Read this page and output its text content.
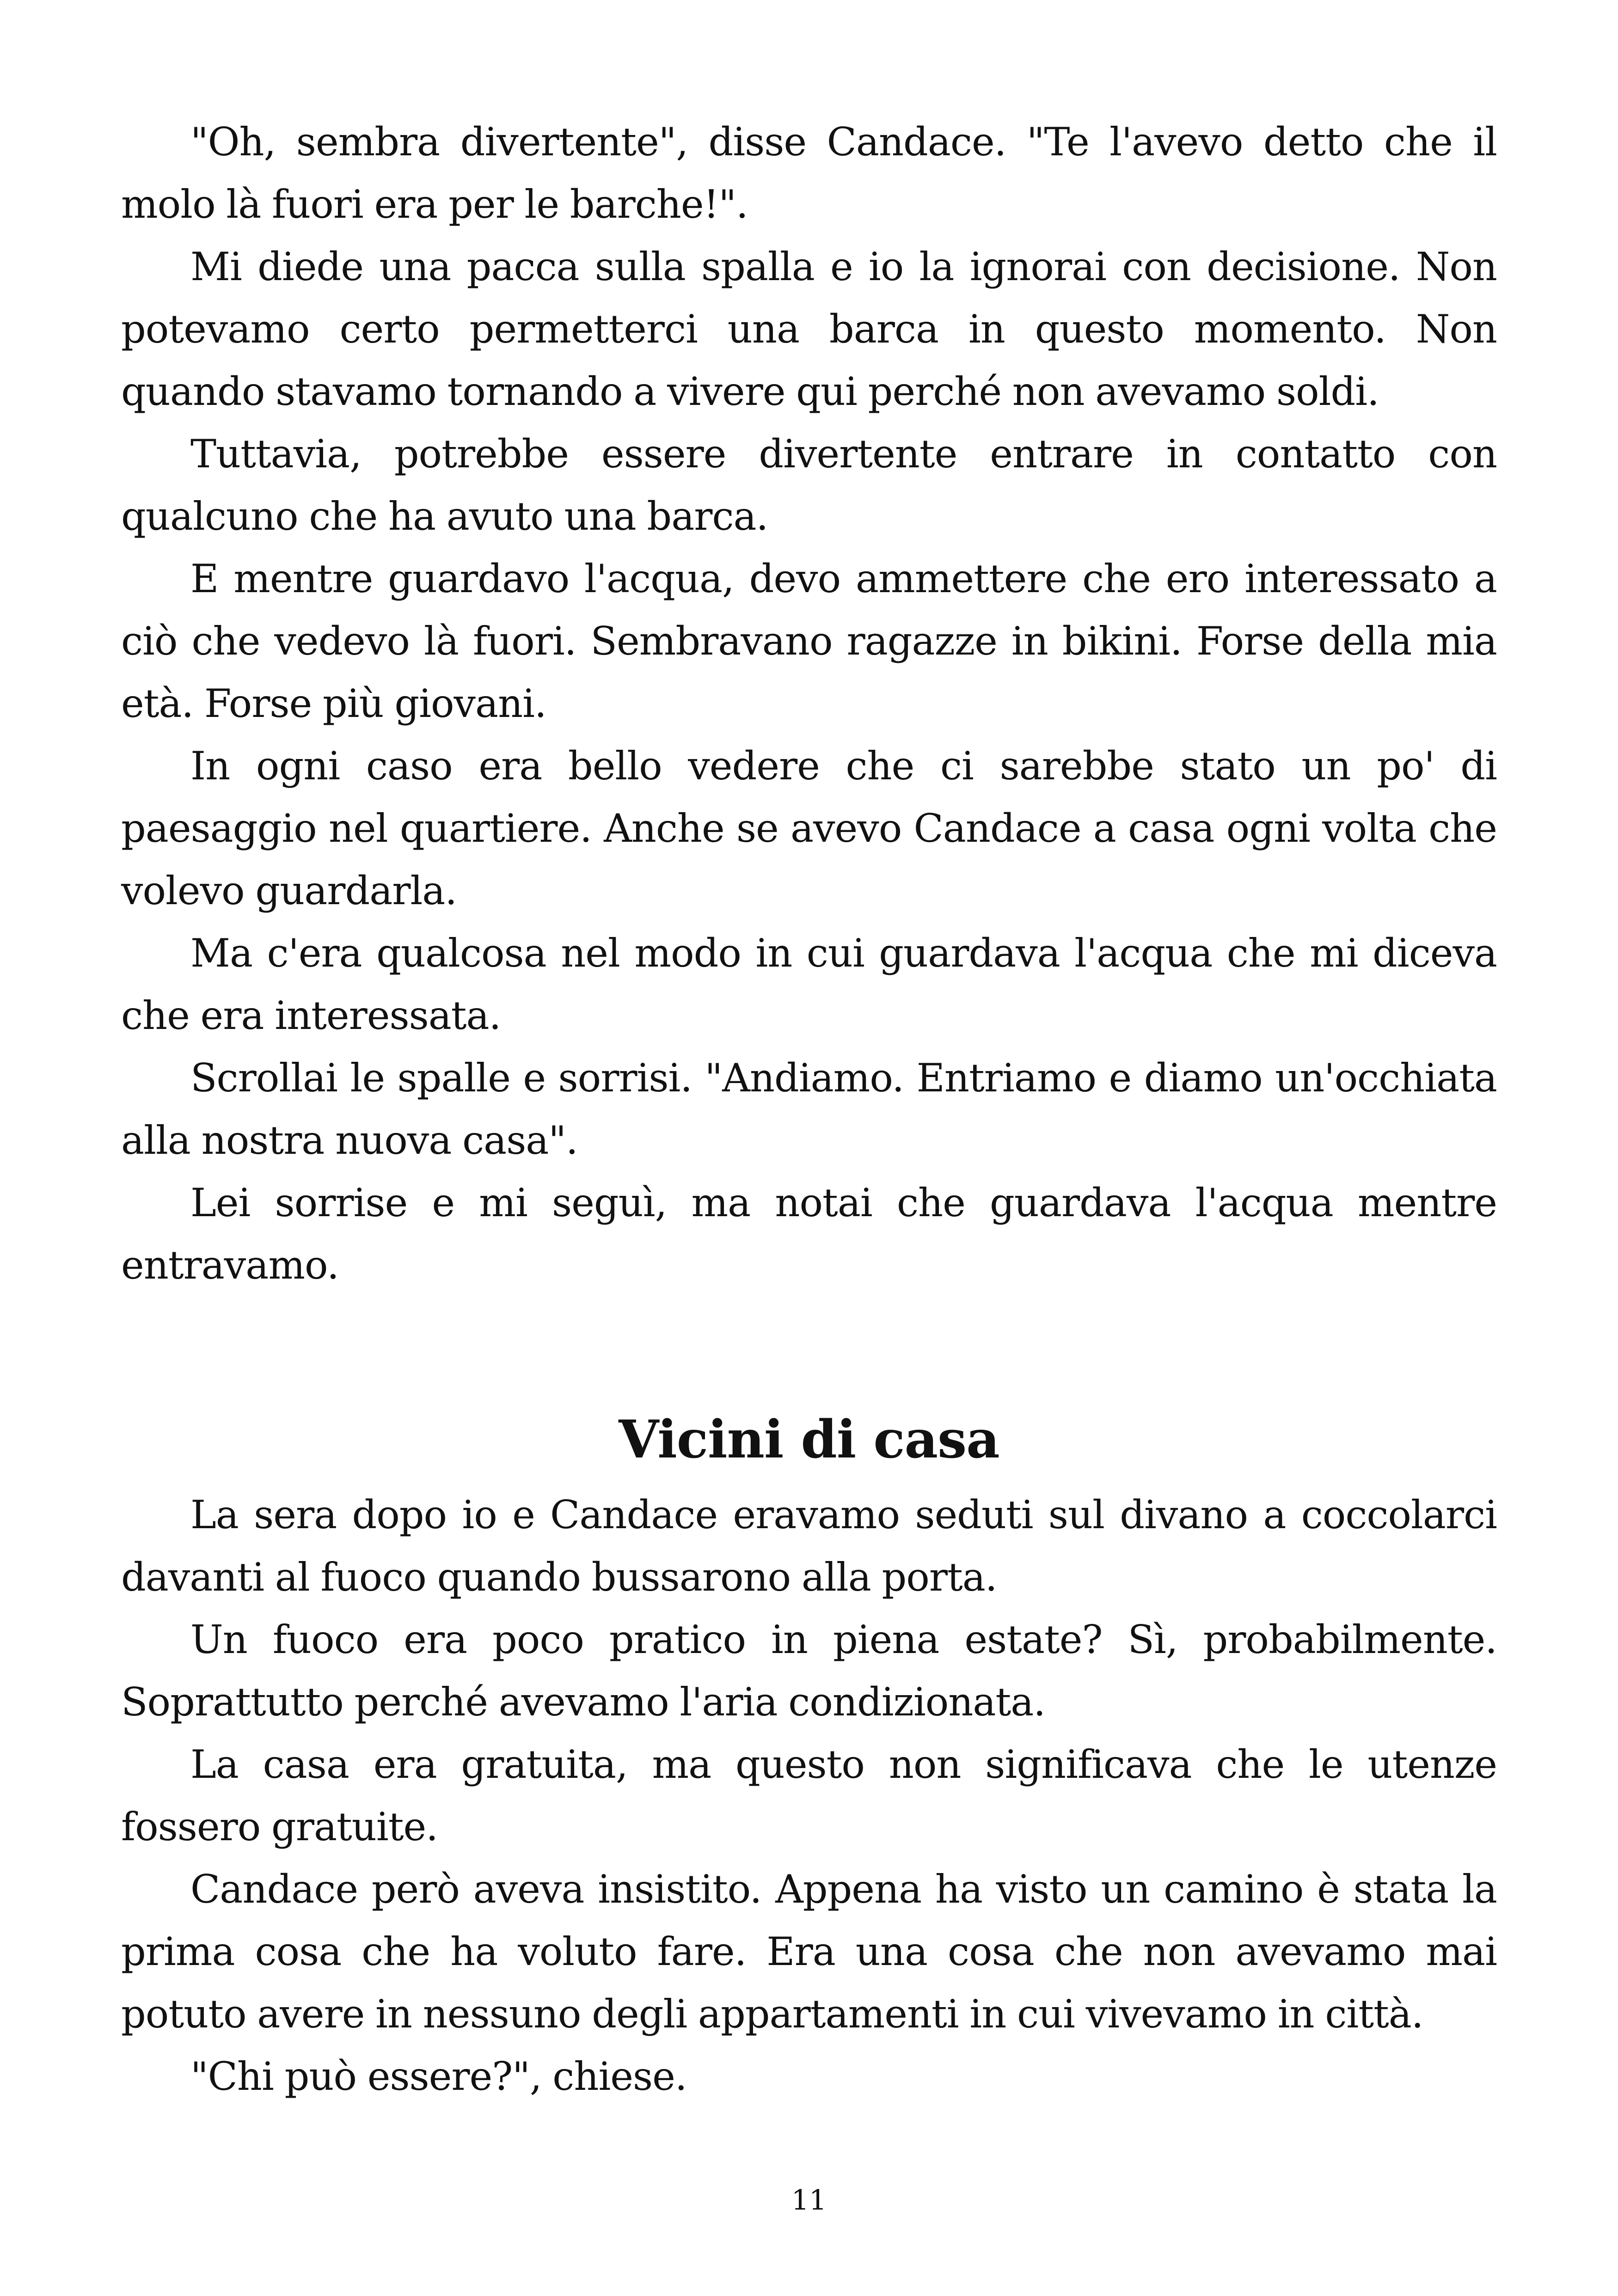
"Oh, sembra divertente", disse Candace. "Te l'avevo detto che il molo là fuori era per le barche!".

Mi diede una pacca sulla spalla e io la ignorai con decisione. Non potevamo certo permetterci una barca in questo momento. Non quando stavamo tornando a vivere qui perché non avevamo soldi.

Tuttavia, potrebbe essere divertente entrare in contatto con qualcuno che ha avuto una barca.

E mentre guardavo l'acqua, devo ammettere che ero interessato a ciò che vedevo là fuori. Sembravano ragazze in bikini. Forse della mia età. Forse più giovani.

In ogni caso era bello vedere che ci sarebbe stato un po' di paesaggio nel quartiere. Anche se avevo Candace a casa ogni volta che volevo guardarla.

Ma c'era qualcosa nel modo in cui guardava l'acqua che mi diceva che era interessata.

Scrollai le spalle e sorrisi. "Andiamo. Entriamo e diamo un'occhiata alla nostra nuova casa".

Lei sorrise e mi seguì, ma notai che guardava l'acqua mentre entravamo.

Vicini di casa

La sera dopo io e Candace eravamo seduti sul divano a coccolarci davanti al fuoco quando bussarono alla porta.

Un fuoco era poco pratico in piena estate? Sì, probabilmente. Soprattutto perché avevamo l'aria condizionata.

La casa era gratuita, ma questo non significava che le utenze fossero gratuite.

Candace però aveva insistito. Appena ha visto un camino è stata la prima cosa che ha voluto fare. Era una cosa che non avevamo mai potuto avere in nessuno degli appartamenti in cui vivevamo in città.

"Chi può essere?", chiese.

11
